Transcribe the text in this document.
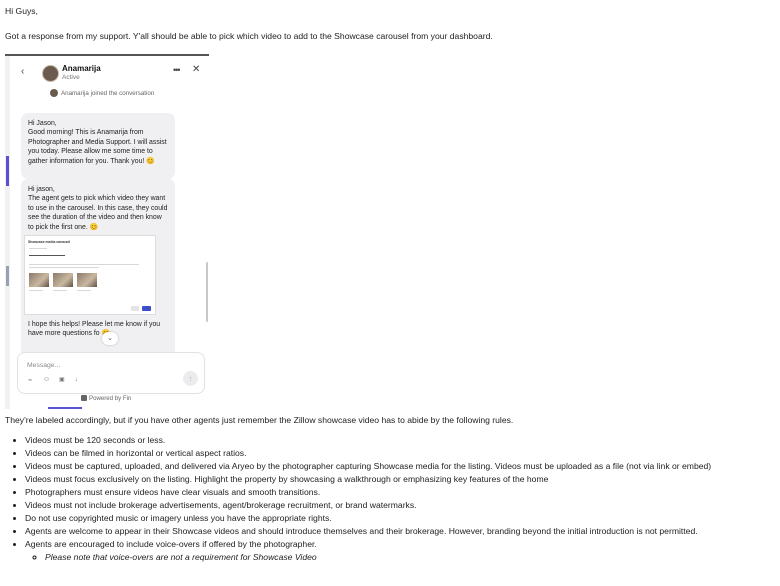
Hi Guys,
Got a response from my support. Y'all should be able to pick which video to add to the Showcase carousel from your dashboard.
‹	Anamarija
Active
••• ✕
Anamarija joined the conversation

Hi Jason,
Good morning! This is Anamarija from Photographer and Media Support. I will assist you today. Please allow me some time to gather information for you. Thank you! 😊

Hi jason,
The agent gets to pick which video they want to use in the carousel. In this case, they could see the duration of the video and then know to pick the first one. 😊

Showcase media carousel

I hope this helps! Please let me know if you have more questions fo

⌄
Message...
⌁ ☺ ▣ ♩	↑
Powered by Fin
They're labeled accordingly, but if you have other agents just remember the Zillow showcase video has to abide by the following rules.
• Videos must be 120 seconds or less.
• Videos can be filmed in horizontal or vertical aspect ratios.
• Videos must be captured, uploaded, and delivered via Aryeo by the photographer capturing Showcase media for the listing. Videos must be uploaded as a file (not via link or embed)
• Videos must focus exclusively on the listing. Highlight the property by showcasing a walkthrough or emphasizing key features of the home
• Photographers must ensure videos have clear visuals and smooth transitions.
• Videos must not include brokerage advertisements, agent/brokerage recruitment, or brand watermarks.
• Do not use copyrighted music or imagery unless you have the appropriate rights.
• Agents are welcome to appear in their Showcase videos and should introduce themselves and their brokerage. However, branding beyond the initial introduction is not permitted.
• Agents are encouraged to include voice-overs if offered by the photographer.
◦ Please note that voice-overs are not a requirement for Showcase Video
